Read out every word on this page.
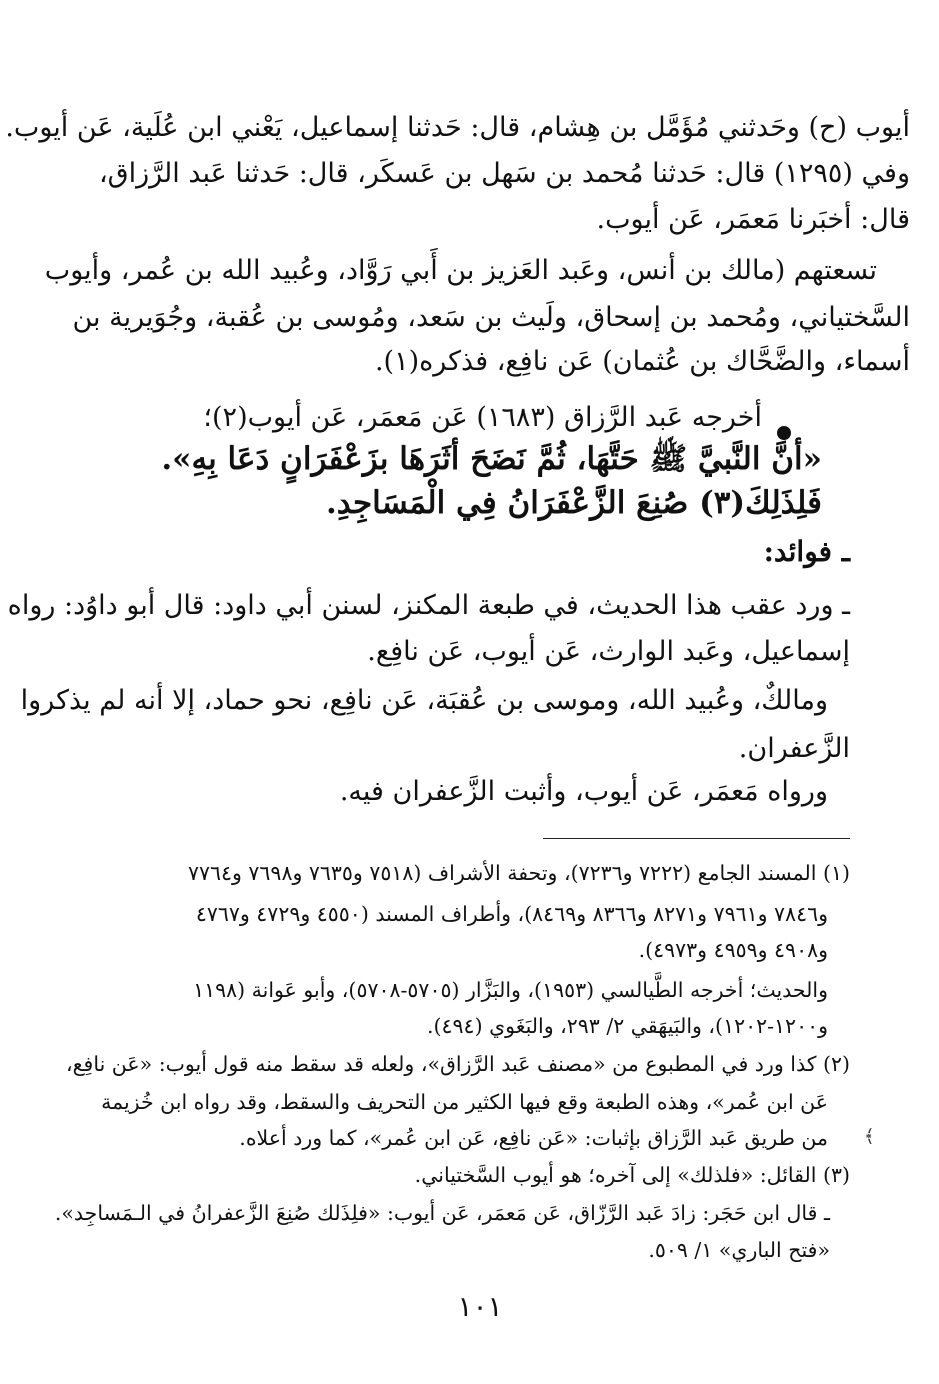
أيوب (ح) وحَدثني مُؤَمَّل بن هِشام، قال: حَدثنا إسماعيل، يَعْني ابن عُلَية، عَن أيوب.

وفي (١٢٩٥) قال: حَدثنا مُحمد بن سَهل بن عَسكَر، قال: حَدثنا عَبد الرَّزاق،

قال: أخبَرنا مَعمَر، عَن أيوب.

تسعتهم (مالك بن أنس، وعَبد العَزيز بن أَبي رَوَّاد، وعُبيد الله بن عُمر، وأيوب

السَّختياني، ومُحمد بن إسحاق، ولَيث بن سَعد، ومُوسى بن عُقبة، وجُوَيرية بن

أسماء، والضَّحَّاك بن عُثمان) عَن نافِع، فذكره(١).

أخرجه عَبد الرَّزاق (١٦٨٣) عَن مَعمَر، عَن أيوب(٢)؛

«أنَّ النَّبيَّ ﷺ حَتَّهَا، ثُمَّ نَضَحَ أثَرَهَا بزَعْفَرَانٍ دَعَا بِهِ».

فَلِذَلِكَ(٣) صُنِعَ الزَّعْفَرَانُ فِي الْمَسَاجِدِ.

ـ فوائد:

ـ ورد عقب هذا الحديث، في طبعة المكنز، لسنن أبي داود: قال أبو داوُد: رواه

إسماعيل، وعَبد الوارث، عَن أيوب، عَن نافِع.

ومالكٌ، وعُبيد الله، وموسى بن عُقبَة، عَن نافِع، نحو حماد، إلا أنه لم يذكروا

الزَّعفران.

ورواه مَعمَر، عَن أيوب، وأثبت الزَّعفران فيه.

(١) المسند الجامع (٧٢٢٢ و٧٢٣٦)، وتحفة الأشراف (٧٥١٨ و٧٦٣٥ و٧٦٩٨ و٧٧٦٤

و٧٨٤٦ و٧٩٦١ و٨٢٧١ و٨٣٦٦ و٨٤٦٩)، وأطراف المسند (٤٥٥٠ و٤٧٢٩ و٤٧٦٧

و٤٩٠٨ و٤٩٥٩ و٤٩٧٣).

والحديث؛ أخرجه الطَّيالسي (١٩٥٣)، والبَزَّار (٥٧٠٥-٥٧٠٨)، وأبو عَوانة (١١٩٨

و١٢٠٠-١٢٠٢)، والبَيهَقي ٢/ ٢٩٣، والبَغَوي (٤٩٤).

(٢) كذا ورد في المطبوع من «مصنف عَبد الرَّزاق»، ولعله قد سقط منه قول أيوب: «عَن نافِع،

عَن ابن عُمر»، وهذه الطبعة وقع فيها الكثير من التحريف والسقط، وقد رواه ابن خُزيمة

من طريق عَبد الرَّزاق بإثبات: «عَن نافِع، عَن ابن عُمر»، كما ورد أعلاه.

(٣) القائل: «فلذلك» إلى آخره؛ هو أيوب السَّختياني.

ـ قال ابن حَجَر: زادَ عَبد الرَّزّاق، عَن مَعمَر، عَن أيوب: «فلِذَلك صُنِعَ الزَّعفرانُ في الـمَساجِد».

«فتح الباري» ١/ ٥٠٩.

﴾
١٠١
